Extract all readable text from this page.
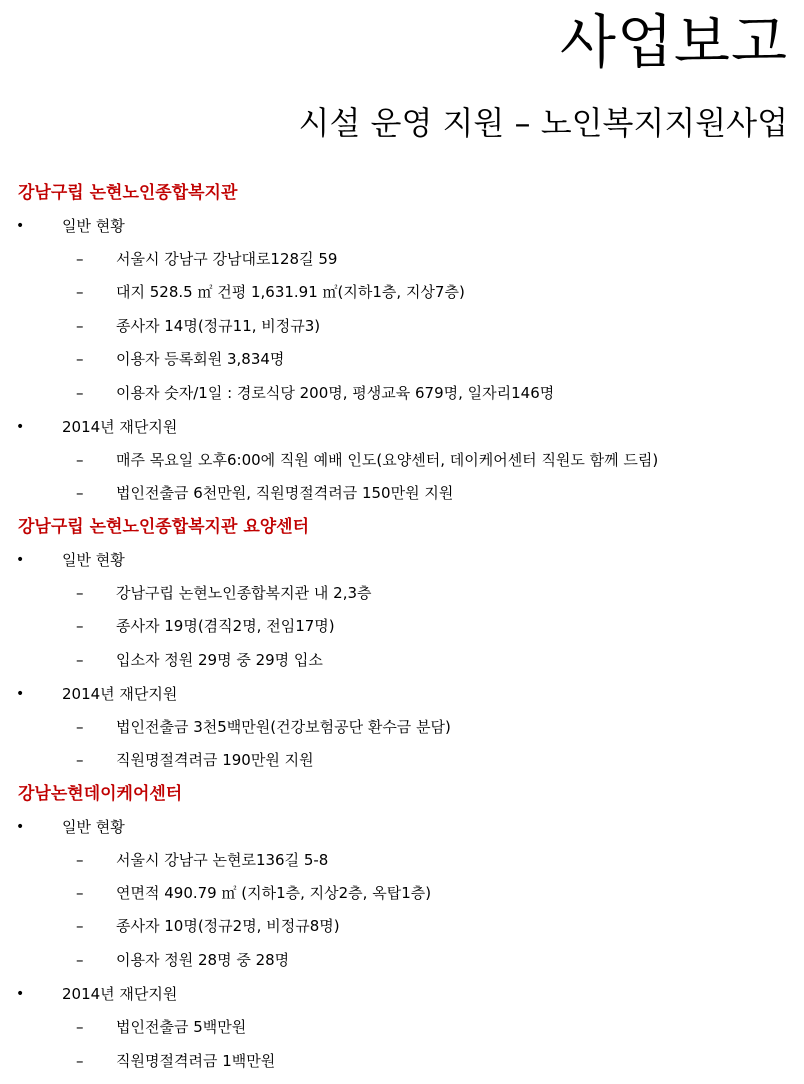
사업보고
시설 운영 지원 – 노인복지지원사업
강남구립 논현노인종합복지관
•	일반 현황
– 서울시 강남구 강남대로128길 59
– 대지 528.5 ㎡ 건평 1,631.91 ㎡(지하1층, 지상7층)
– 종사자 14명(정규11, 비정규3)
– 이용자 등록회원 3,834명
– 이용자 숫자/1일 : 경로식당 200명, 평생교육 679명, 일자리146명
•	2014년 재단지원
– 매주 목요일 오후6:00에 직원 예배 인도(요양센터, 데이케어센터 직원도 함께 드림)
– 법인전출금 6천만원, 직원명절격려금 150만원 지원
강남구립 논현노인종합복지관 요양센터
•	일반 현황
– 강남구립 논현노인종합복지관 내 2,3층
– 종사자 19명(겸직2명, 전임17명)
– 입소자 정원 29명 중 29명 입소
•	2014년 재단지원
– 법인전출금 3천5백만원(건강보험공단 환수금 분담)
– 직원명절격려금 190만원 지원
강남논현데이케어센터
•	일반 현황
– 서울시 강남구 논현로136길 5-8
– 연면적 490.79 ㎡ (지하1층, 지상2층, 옥탑1층)
– 종사자 10명(정규2명, 비정규8명)
– 이용자 정원 28명 중 28명
•	2014년 재단지원
– 법인전출금 5백만원
– 직원명절격려금 1백만원
